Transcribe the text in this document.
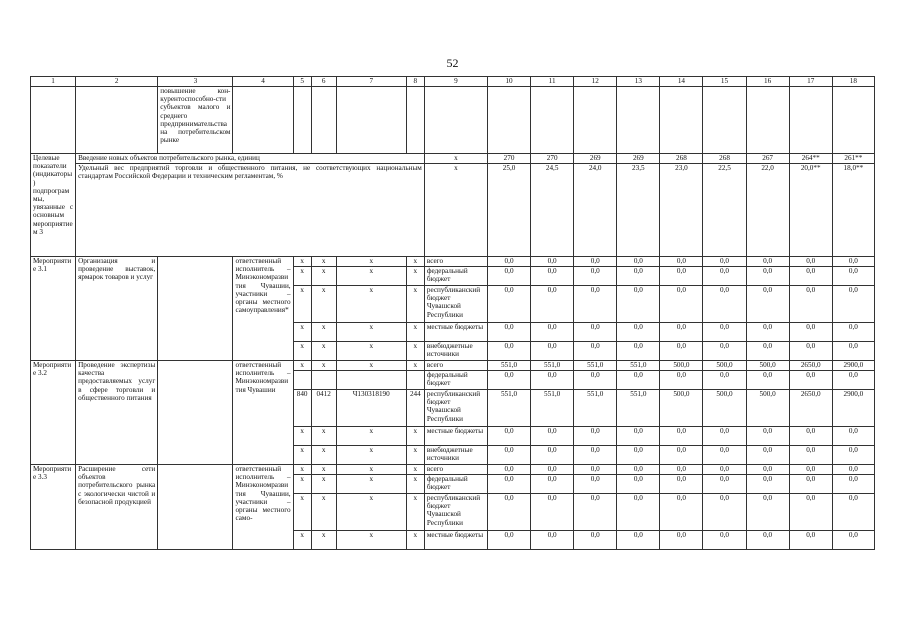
52
1	2	3	4	5	6	7	8	9	10	11	12	13	14	15	16	17	18
		повышение кон-курентоспособно-сти субъектов малого и среднего предпринимательства на потребительском рынке															
Целевые показатели (индикаторы) подпрограммы, увязанные с основным мероприятием 3	Введение новых объектов потребительского рынка, единиц							x	270	270	269	269	268	268	267	264**	261**
	Удельный вес предприятий торговли и общественного питания, не соответствующих национальным стандартам Российской Федерации и техническим регламентам, %							x	25,0	24,5	24,0	23,5	23,0	22,5	22,0	20,0**	18,0**
Мероприятие 3.1	Организация и проведение выставок, ярмарок товаров и услуг		ответственный исполнитель – Минэкономразвития Чувашии, участники – органы местного самоуправления*	x	x	x	x	всего	0,0	0,0	0,0	0,0	0,0	0,0	0,0	0,0	0,0
				x	x	x	x	федеральный бюджет	0,0	0,0	0,0	0,0	0,0	0,0	0,0	0,0	0,0
				x	x	x	x	республиканский бюджет Чувашской Республики	0,0	0,0	0,0	0,0	0,0	0,0	0,0	0,0	0,0
				x	x	x	x	местные бюджеты	0,0	0,0	0,0	0,0	0,0	0,0	0,0	0,0	0,0
				x	x	x	x	внебюджетные источники	0,0	0,0	0,0	0,0	0,0	0,0	0,0	0,0	0,0
Мероприятие 3.2	Проведение экспертизы качества предоставляемых услуг в сфере торговли и общественного питания		ответственный исполнитель – Минэкономразвития Чувашии	x	x	x	x	всего	551,0	551,0	551,0	551,0	500,0	500,0	500,0	2650,0	2900,0
								федеральный бюджет	0,0	0,0	0,0	0,0	0,0	0,0	0,0	0,0	0,0
				840	0412	Ч130318190	244	республиканский бюджет Чувашской Республики	551,0	551,0	551,0	551,0	500,0	500,0	500,0	2650,0	2900,0
				x	x	x	x	местные бюджеты	0,0	0,0	0,0	0,0	0,0	0,0	0,0	0,0	0,0
				x	x	x	x	внебюджетные источники	0,0	0,0	0,0	0,0	0,0	0,0	0,0	0,0	0,0
Мероприятие 3.3	Расширение сети объектов потребительского рынка с экологически чистой и безопасной продукцией		ответственный исполнитель – Минэкономразвития Чувашии, участники – органы местного само-	x	x	x	x	всего	0,0	0,0	0,0	0,0	0,0	0,0	0,0	0,0	0,0
				x	x	x	x	федеральный бюджет	0,0	0,0	0,0	0,0	0,0	0,0	0,0	0,0	0,0
				x	x	x	x	республиканский бюджет Чувашской Республики	0,0	0,0	0,0	0,0	0,0	0,0	0,0	0,0	0,0
				x	x	x	x	местные бюджеты	0,0	0,0	0,0	0,0	0,0	0,0	0,0	0,0	0,0
